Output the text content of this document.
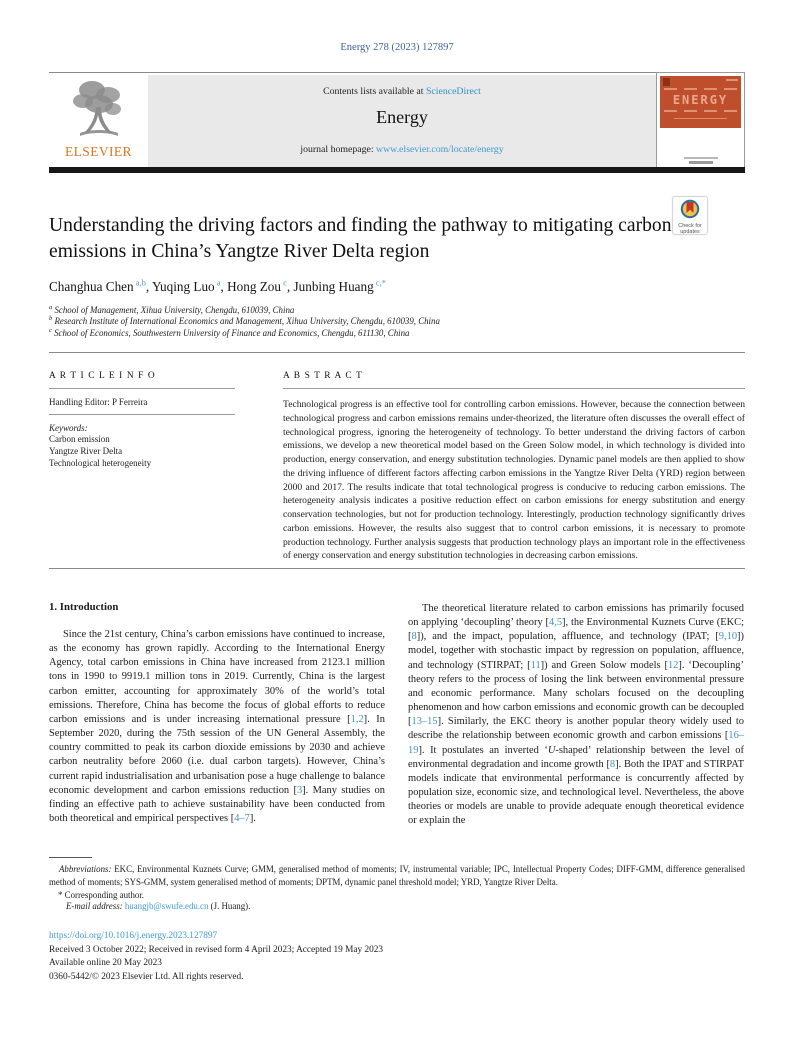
Energy 278 (2023) 127897
ELSEVIER
Contents lists available at ScienceDirect
Energy
journal homepage: www.elsevier.com/locate/energy
ENERGY
Understanding the driving factors and finding the pathway to mitigating carbon emissions in China’s Yangtze River Delta region
Check for updates
Changhua Chen $^{a,b}$, Yuqing Luo $^a$, Hong Zou $^c$, Junbing Huang $^{c,*}$
$^a$ School of Management, Xihua University, Chengdu, 610039, China
$^b$ Research Institute of International Economics and Management, Xihua University, Chengdu, 610039, China
$^c$ School of Economics, Southwestern University of Finance and Economics, Chengdu, 611130, China
A R T I C L E I N F O
Handling Editor: P Ferreira
Keywords:
Carbon emission
Yangtze River Delta
Technological heterogeneity
A B S T R A C T
Technological progress is an effective tool for controlling carbon emissions. However, because the connection between technological progress and carbon emissions remains under-theorized, the literature often discusses the overall effect of technological progress, ignoring the heterogeneity of technology. To better understand the driving factors of carbon emissions, we develop a new theoretical model based on the Green Solow model, in which technology is divided into production, energy conservation, and energy substitution technologies. Dynamic panel models are then applied to show the driving influence of different factors affecting carbon emissions in the Yangtze River Delta (YRD) region between 2000 and 2017. The results indicate that total technological progress is conducive to reducing carbon emissions. The heterogeneity analysis indicates a positive reduction effect on carbon emissions for energy substitution and energy conservation technologies, but not for production technology. Interestingly, production technology significantly drives carbon emissions. However, the results also suggest that to control carbon emissions, it is necessary to promote production technology. Further analysis suggests that production technology plays an important role in the effectiveness of energy conservation and energy substitution technologies in decreasing carbon emissions.
1. Introduction

Since the 21st century, China’s carbon emissions have continued to increase, as the economy has grown rapidly. According to the International Energy Agency, total carbon emissions in China have increased from 2123.1 million tons in 1990 to 9919.1 million tons in 2019. Currently, China is the largest carbon emitter, accounting for approximately 30% of the world’s total emissions. Therefore, China has become the focus of global efforts to reduce carbon emissions and is under increasing international pressure [1,2]. In September 2020, during the 75th session of the UN General Assembly, the country committed to peak its carbon dioxide emissions by 2030 and achieve carbon neutrality before 2060 (i.e. dual carbon targets). However, China’s current rapid industrialisation and urbanisation pose a huge challenge to balance economic development and carbon emissions reduction [3]. Many studies on finding an effective path to achieve sustainability have been conducted from both theoretical and empirical perspectives [4–7].

The theoretical literature related to carbon emissions has primarily focused on applying ‘decoupling’ theory [4,5], the Environmental Kuznets Curve (EKC; [8]), and the impact, population, affluence, and technology (IPAT; [9,10]) model, together with stochastic impact by regression on population, affluence, and technology (STIRPAT; [11]) and Green Solow models [12]. ‘Decoupling’ theory refers to the process of losing the link between environmental pressure and economic performance. Many scholars focused on the decoupling phenomenon and how carbon emissions and economic growth can be decoupled [13–15]. Similarly, the EKC theory is another popular theory widely used to describe the relationship between economic growth and carbon emissions [16–19]. It postulates an inverted ‘U-shaped’ relationship between the level of environmental degradation and income growth [8]. Both the IPAT and STIRPAT models indicate that environmental performance is concurrently affected by population size, economic size, and technological level. Nevertheless, the above theories or models are unable to provide adequate enough theoretical evidence or explain the

Abbreviations: EKC, Environmental Kuznets Curve; GMM, generalised method of moments; IV, instrumental variable; IPC, Intellectual Property Codes; DIFF-GMM, difference generalised method of moments; SYS-GMM, system generalised method of moments; DPTM, dynamic panel threshold model; YRD, Yangtze River Delta.
* Corresponding author.
E-mail address: huangjb@swufe.edu.cn (J. Huang).
https://doi.org/10.1016/j.energy.2023.127897
Received 3 October 2022; Received in revised form 4 April 2023; Accepted 19 May 2023
Available online 20 May 2023
0360-5442/© 2023 Elsevier Ltd. All rights reserved.
